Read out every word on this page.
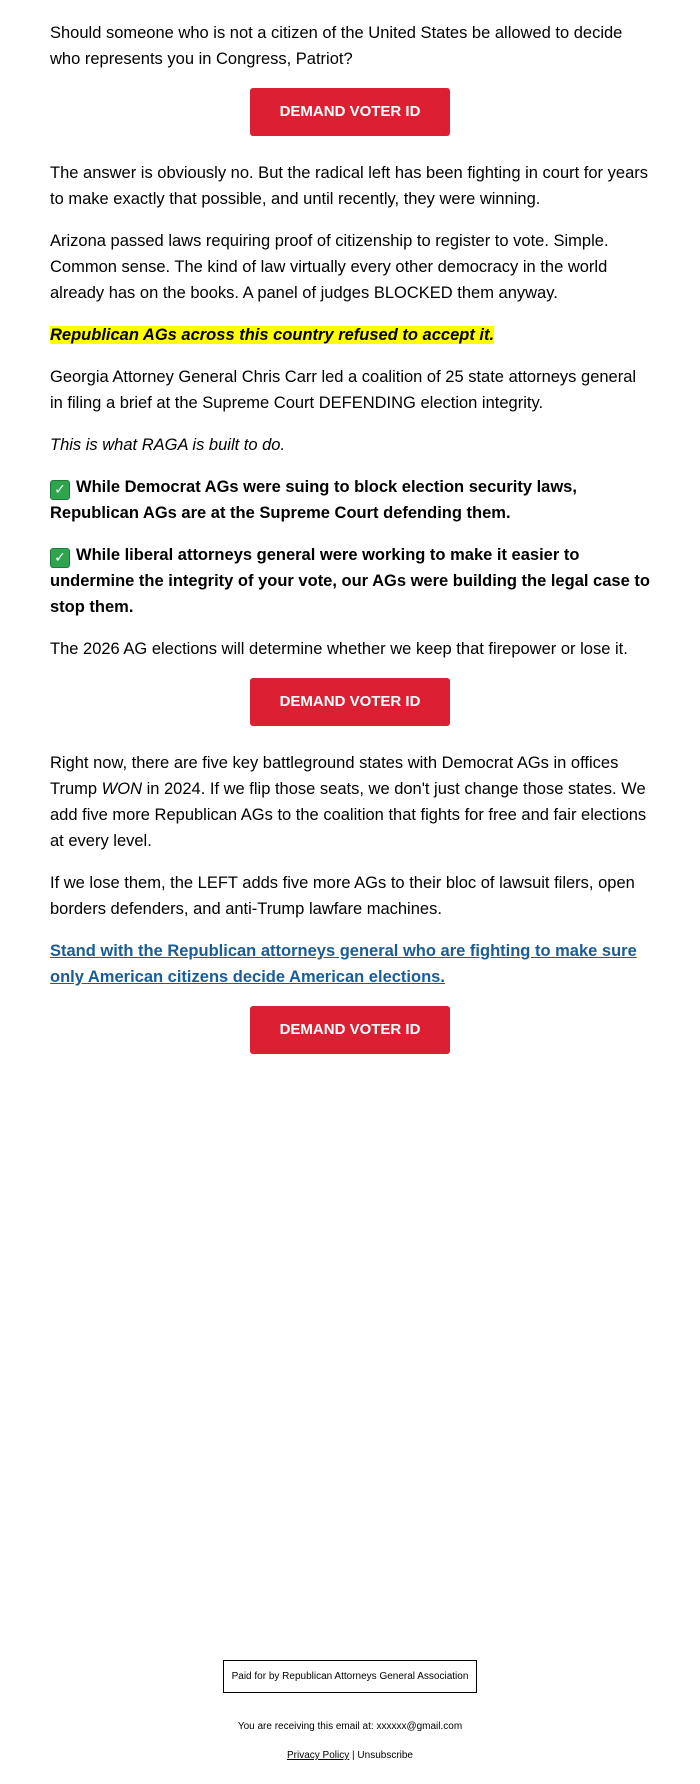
Should someone who is not a citizen of the United States be allowed to decide who represents you in Congress, Patriot?

DEMAND VOTER ID

The answer is obviously no. But the radical left has been fighting in court for years to make exactly that possible, and until recently, they were winning.

Arizona passed laws requiring proof of citizenship to register to vote. Simple. Common sense. The kind of law virtually every other democracy in the world already has on the books. A panel of judges BLOCKED them anyway.

Republican AGs across this country refused to accept it.

Georgia Attorney General Chris Carr led a coalition of 25 state attorneys general in filing a brief at the Supreme Court DEFENDING election integrity.

This is what RAGA is built to do.

✓ While Democrat AGs were suing to block election security laws, Republican AGs are at the Supreme Court defending them.

✓ While liberal attorneys general were working to make it easier to undermine the integrity of your vote, our AGs were building the legal case to stop them.

The 2026 AG elections will determine whether we keep that firepower or lose it.

DEMAND VOTER ID

Right now, there are five key battleground states with Democrat AGs in offices Trump WON in 2024. If we flip those seats, we don't just change those states. We add five more Republican AGs to the coalition that fights for free and fair elections at every level.

If we lose them, the LEFT adds five more AGs to their bloc of lawsuit filers, open borders defenders, and anti-Trump lawfare machines.

Stand with the Republican attorneys general who are fighting to make sure only American citizens decide American elections.

DEMAND VOTER ID
Paid for by Republican Attorneys General Association
You are receiving this email at: xxxxxx@gmail.com
Privacy Policy | Unsubscribe
